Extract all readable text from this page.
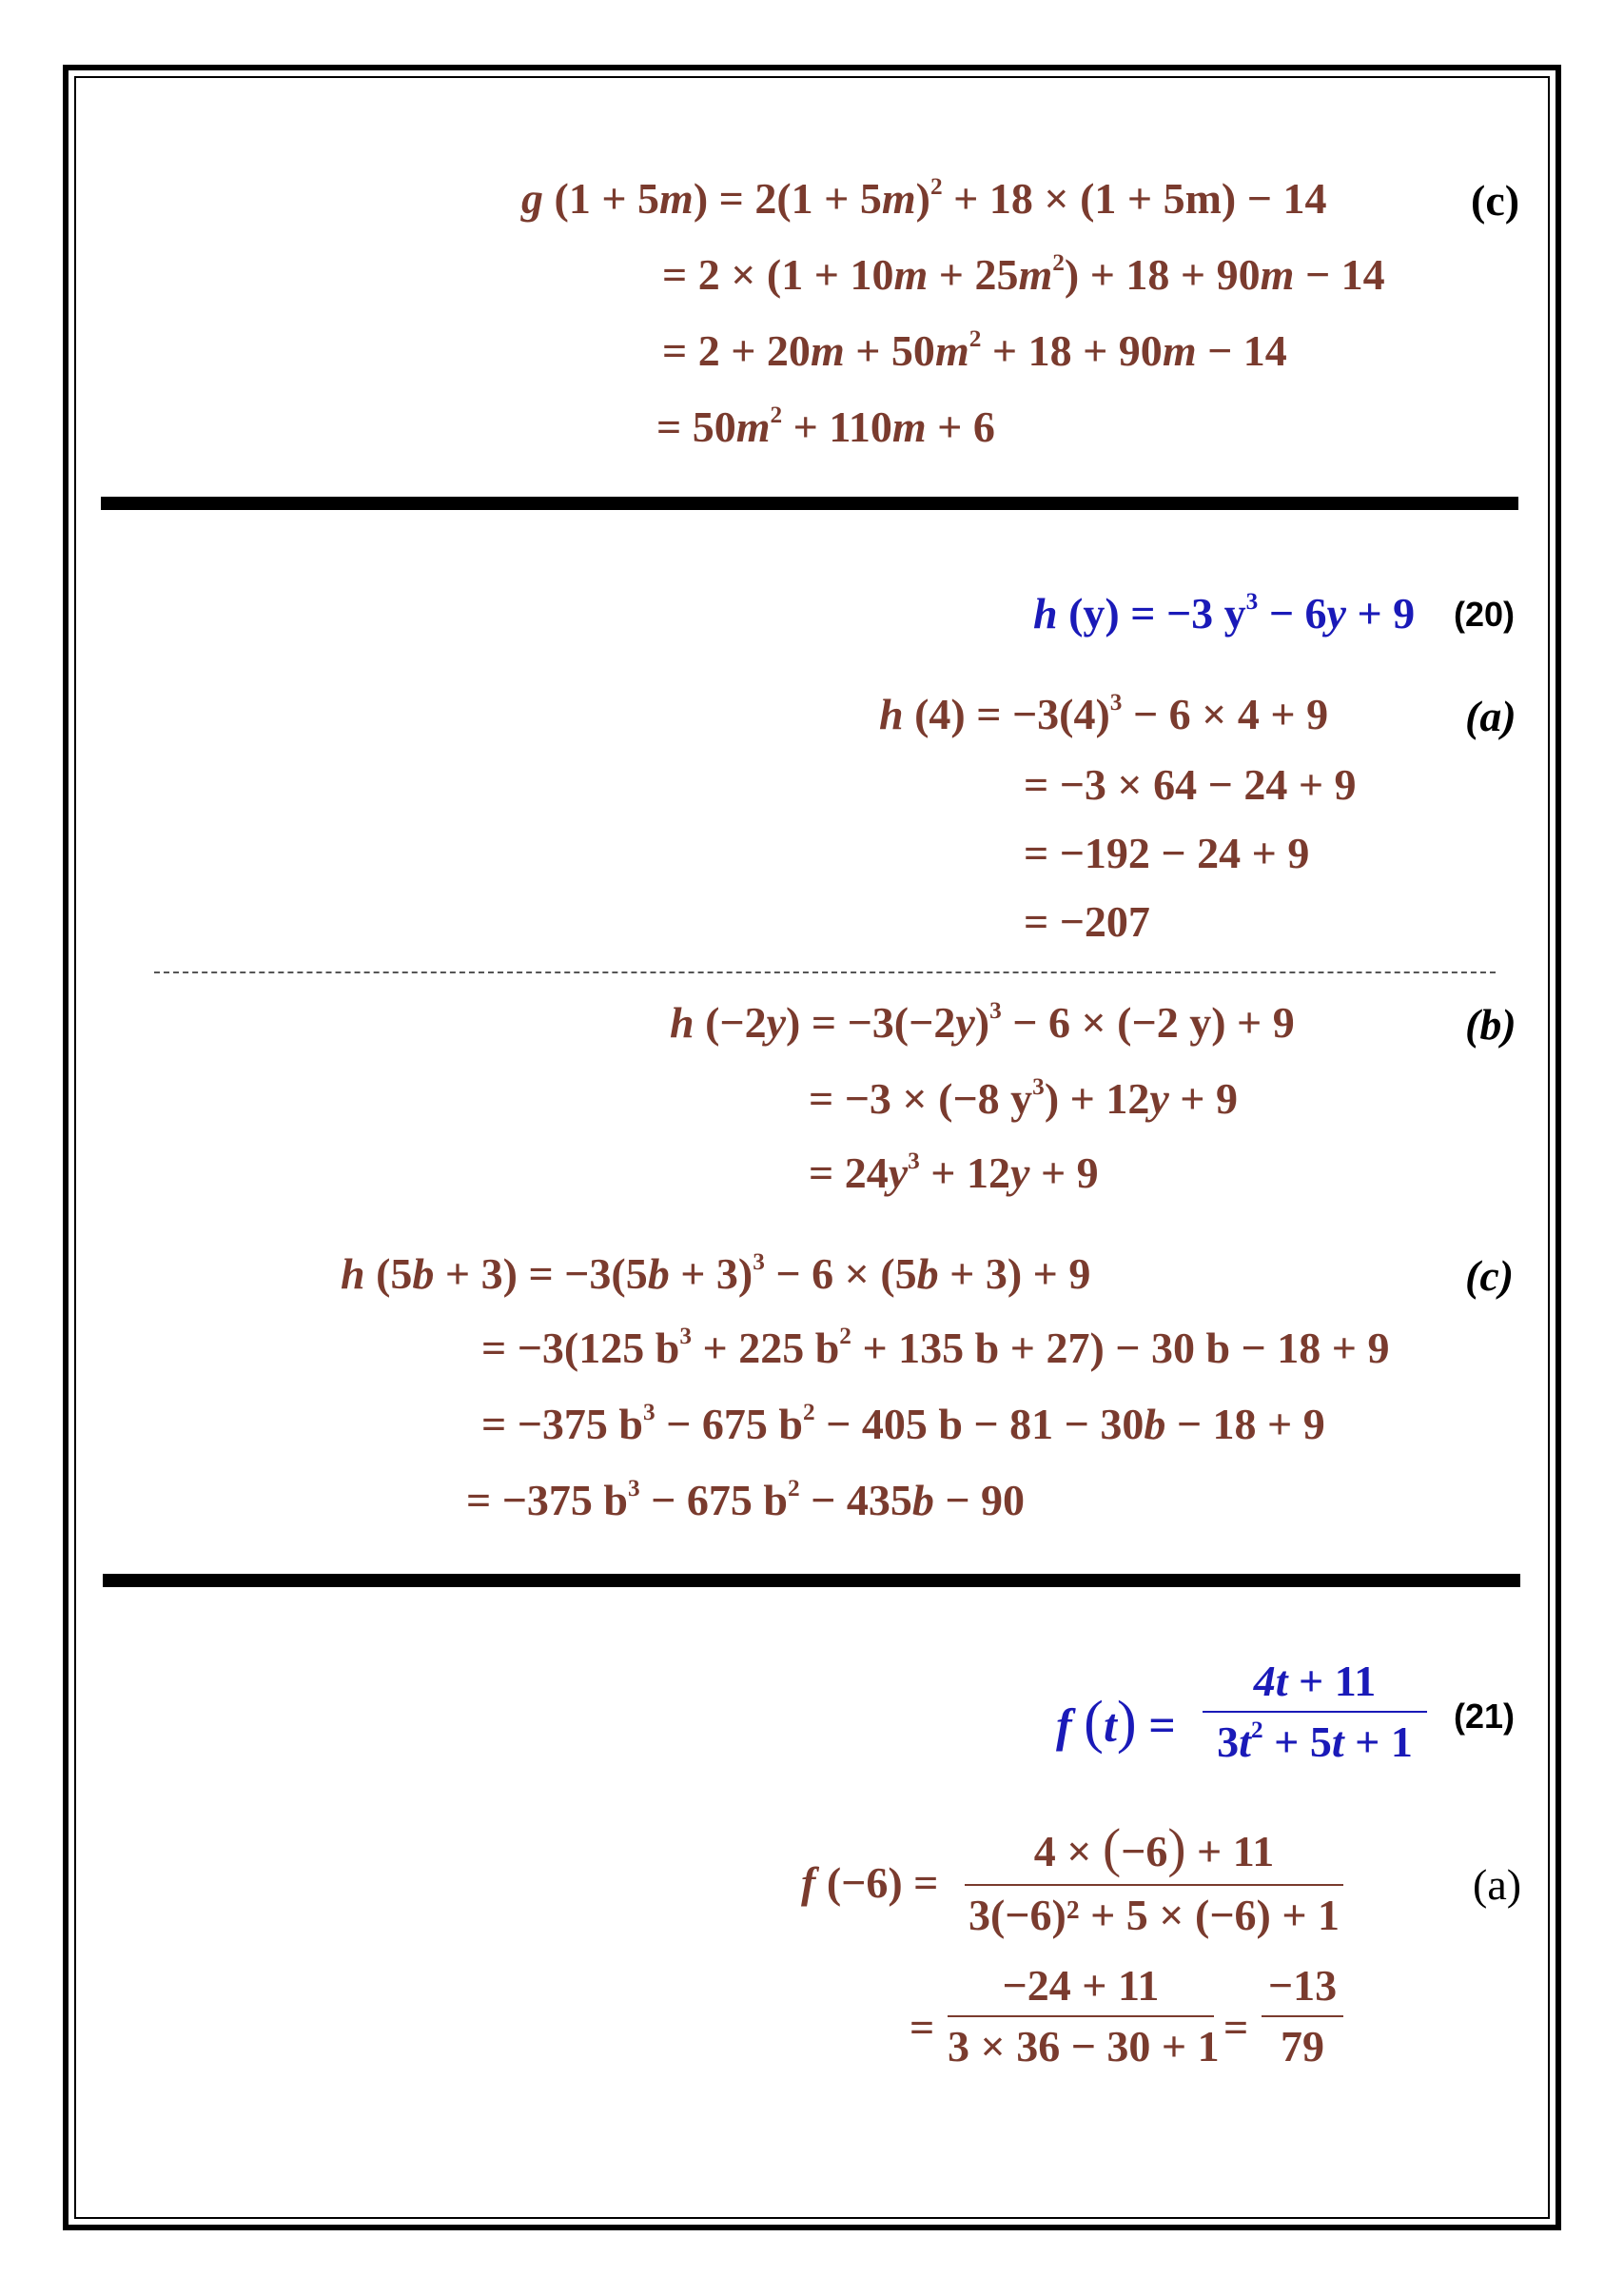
g $(1 + 5m) = 2(1 + 5m)^2 + 18 \times (1 + 5m) - 14$	(c)
= $2 \times (1 + 10m + 25m^2) + 18 + 90m - 14$
= $2 + 20m + 50m^2 + 18 + 90m - 14$
= $50m^2 + 110m + 6$
h (y) = −3 $y^3 - 6y + 9$ (20)
h $(4) = -3(4)^3 - 6 \times 4 + 9$	(a)
= −3 × 64 − 24 + 9
= −192 − 24 + 9
= −207
h $(-2y) = -3(-2y)^3 - 6 \times (-2$ y) + 9	(b)
= −3 × (−8 $y^3) + 12y + 9$
= $24y^3 + 12y + 9$
h $(5b + 3) = -3(5b + 3)^3 - 6 \times (5b + 3) + 9$	(c)
= −3(125 $b^3 + 225$ $b^2 + 135$ b + 27) − 30 b − 18 + 9
= −375 $b^3 - 675$ $b^2 - 405$ b − 81 − 30b − 18 + 9
= −375 $b^3 - 675$ $b^2 - 435b - 90$
f $(t) = \frac{4t + 11}{3t^2 + 5t + 1} (21)$
f $(-6) = \frac{4 \times (-6) + 11}{\text{3(−6)² + 5 × (−6) + 1}}$	(a)
= $\frac{-24 + 11}{3 \times 36 - 30 + 1} = \frac{-13}{79}$
